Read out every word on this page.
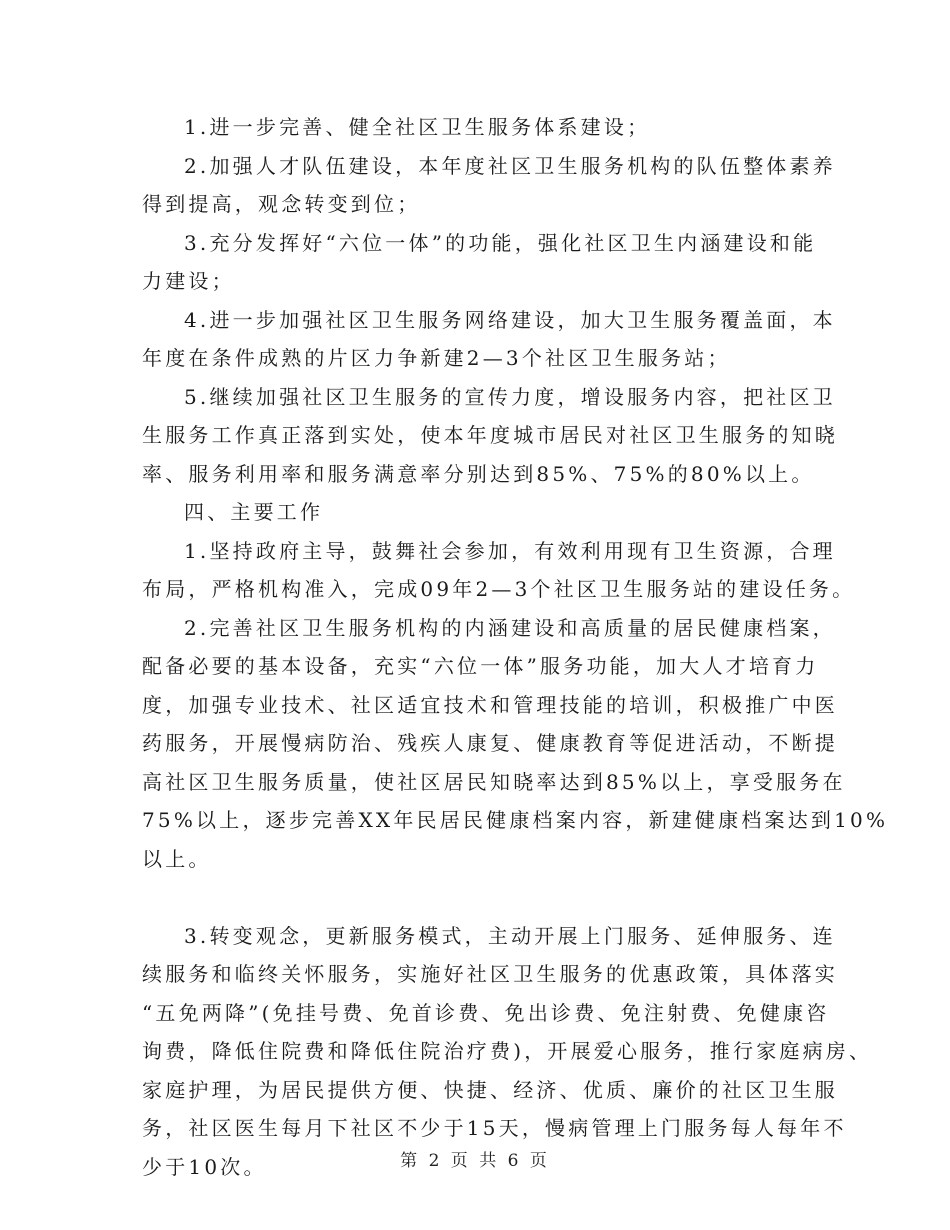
1.进一步完善、健全社区卫生服务体系建设；

2.加强人才队伍建设，本年度社区卫生服务机构的队伍整体素养
得到提高，观念转变到位；

3.充分发挥好“六位一体”的功能，强化社区卫生内涵建设和能
力建设；

4.进一步加强社区卫生服务网络建设，加大卫生服务覆盖面，本
年度在条件成熟的片区力争新建2—3个社区卫生服务站；

5.继续加强社区卫生服务的宣传力度，增设服务内容，把社区卫
生服务工作真正落到实处，使本年度城市居民对社区卫生服务的知晓
率、服务利用率和服务满意率分别达到85%、75%的80%以上。

四、主要工作

1.坚持政府主导，鼓舞社会参加，有效利用现有卫生资源，合理
布局，严格机构准入，完成09年2—3个社区卫生服务站的建设任务。

2.完善社区卫生服务机构的内涵建设和高质量的居民健康档案，
配备必要的基本设备，充实“六位一体”服务功能，加大人才培育力
度，加强专业技术、社区适宜技术和管理技能的培训，积极推广中医
药服务，开展慢病防治、残疾人康复、健康教育等促进活动，不断提
高社区卫生服务质量，使社区居民知晓率达到85%以上，享受服务在
75%以上，逐步完善XX年民居民健康档案内容，新建健康档案达到10%
以上。

3.转变观念，更新服务模式，主动开展上门服务、延伸服务、连
续服务和临终关怀服务，实施好社区卫生服务的优惠政策，具体落实
“五免两降”(免挂号费、免首诊费、免出诊费、免注射费、免健康咨
询费，降低住院费和降低住院治疗费)，开展爱心服务，推行家庭病房、
家庭护理，为居民提供方便、快捷、经济、优质、廉价的社区卫生服
务，社区医生每月下社区不少于15天，慢病管理上门服务每人每年不
少于10次。	第 2 页 共 6 页
